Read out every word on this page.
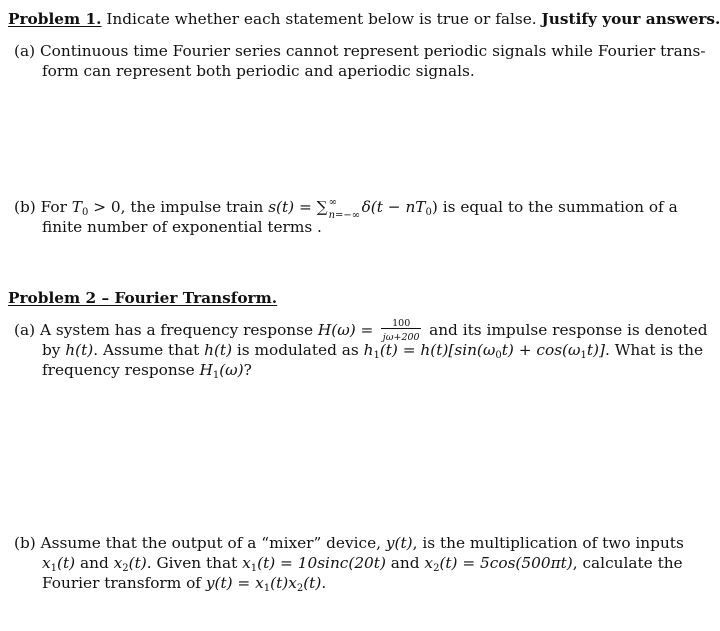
Problem 1. Indicate whether each statement below is true or false. Justify your answers.
(a) Continuous time Fourier series cannot represent periodic signals while Fourier trans-
form can represent both periodic and aperiodic signals.
(b) For $T_0 > 0$, the impulse train s(t) = ∑ ∞
n=−∞ $\delta(t - nT_0)$ is equal to the summation of a
finite number of exponential terms .
Problem 2 – Fourier Transform.
(a) A system has a frequency response H(ω) =	100
jω+200 and its impulse response is denoted
by h(t). Assume that h(t) is modulated as $h_1(t) = h(t)[\sin(\omega_0t) + \cos(\omega_1t)]$. What is the
frequency response $H_1(\omega)$?
(b) Assume that the output of a “mixer” device, y(t), is the multiplication of two inputs
$x_1(t)$ and $x_2(t)$. Given that $x_1(t) = 10\sin c(20t)$ and $x_2(t) = 5\cos(500\pi t)$, calculate the
Fourier transform of $y(t) = x_1(t)x_2(t)$.
